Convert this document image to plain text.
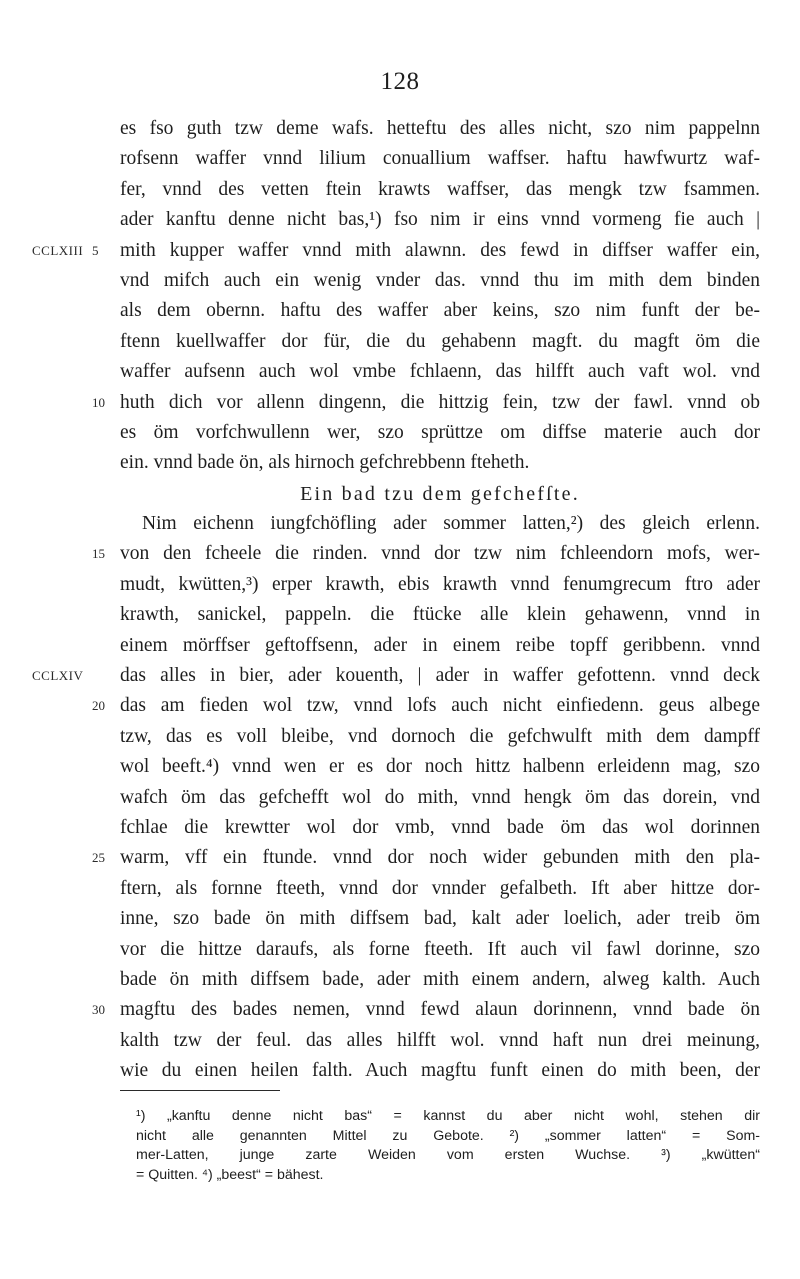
128
es fso guth tzw deme wafs. hetteftu des alles nicht, szo nim pappelnn
rofsenn waffer vnnd lilium conuallium waffser. haftu hawfwurtz waf-
fer, vnnd des vetten ftein krawts waffser, das mengk tzw fsammen.
ader kanftu denne nicht bas,¹) fso nim ir eins vnnd vormeng fie auch |
CCLXIII 5	mith kupper waffer vnnd mith alawnn. des fewd in diffser waffer ein,
vnd mifch auch ein wenig vnder das. vnnd thu im mith dem binden
als dem obernn. haftu des waffer aber keins, szo nim funft der be-
ftenn kuellwaffer dor für, die du gehabenn magft. du magft öm die
waffer aufsenn auch wol vmbe fchlaenn, das hilfft auch vaft wol. vnd
10 huth dich vor allenn dingenn, die hittzig fein, tzw der fawl. vnnd ob
es öm vorfchwullenn wer, szo sprüttze om diffse materie auch dor
ein. vnnd bade ön, als hirnoch gefchrebbenn fteheth.
Ein bad tzu dem gefchefſte.
Nim eichenn iungfchöfling ader sommer latten,²) des gleich erlenn.
15 von den fcheele die rinden. vnnd dor tzw nim fchleendorn mofs, wer-
mudt, kwütten,³) erper krawth, ebis krawth vnnd fenumgrecum ftro ader
krawth, sanickel, pappeln. die ftücke alle klein gehawenn, vnnd in
einem mörffser geftoffsenn, ader in einem reibe topff geribbenn. vnnd
CCLXIV	das alles in bier, ader kouenth, | ader in waffer gefottenn. vnnd deck
20 das am fieden wol tzw, vnnd lofs auch nicht einfiedenn. geus albege
tzw, das es voll bleibe, vnd dornoch die gefchwulft mith dem dampff
wol beeft.⁴) vnnd wen er es dor noch hittz halbenn erleidenn mag, szo
wafch öm das gefchefft wol do mith, vnnd hengk öm das dorein, vnd
fchlae die krewtter wol dor vmb, vnnd bade öm das wol dorinnen
25 warm, vff ein ftunde. vnnd dor noch wider gebunden mith den pla-
ftern, als fornne fteeth, vnnd dor vnnder gefalbeth. Ift aber hittze dor-
inne, szo bade ön mith diffsem bad, kalt ader loelich, ader treib öm
vor die hittze daraufs, als forne fteeth. Ift auch vil fawl dorinne, szo
bade ön mith diffsem bade, ader mith einem andern, alweg kalth. Auch
30 magftu des bades nemen, vnnd fewd alaun dorinnenn, vnnd bade ön
kalth tzw der feul. das alles hilfft wol. vnnd haft nun drei meinung,
wie du einen heilen falth. Auch magftu funft einen do mith been, der
¹) „kanftu denne nicht bas“ = kannst du aber nicht wohl, stehen dir
nicht alle genannten Mittel zu Gebote. ²) „sommer latten“ = Som-
mer-Latten, junge zarte Weiden vom ersten Wuchse. ³) „kwütten“
= Quitten. ⁴) „beest“ = bähest.
